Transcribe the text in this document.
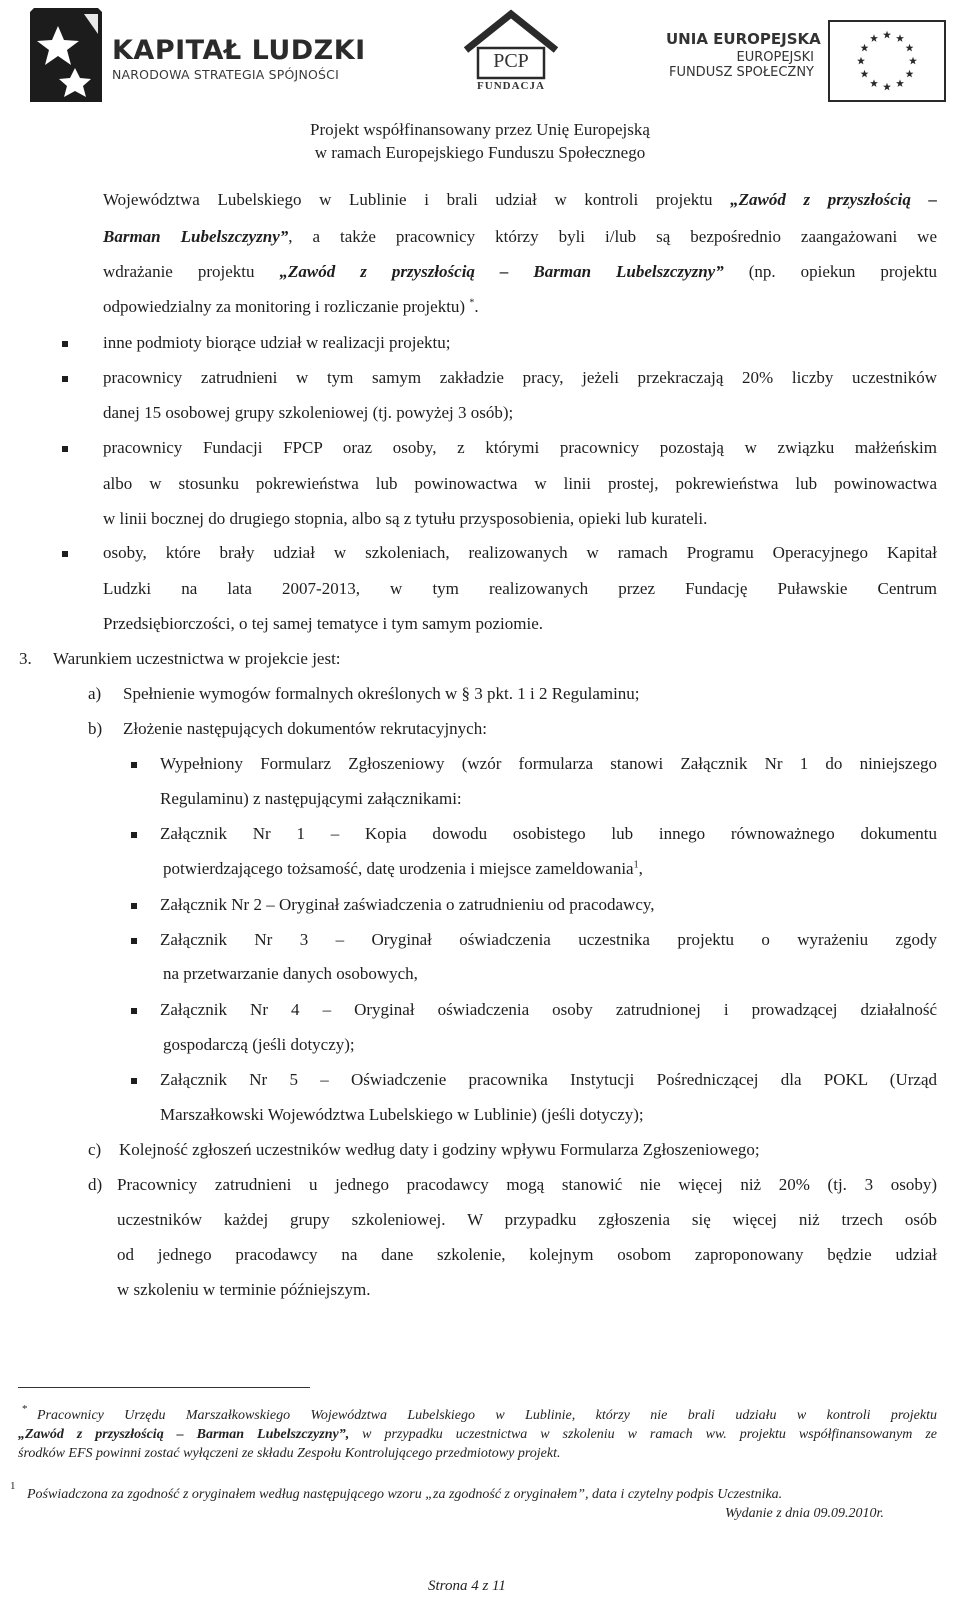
KAPITAŁ LUDZKI
NARODOWA STRATEGIA SPÓJNOŚCI
PCP
FUNDACJA
UNIA EUROPEJSKA
EUROPEJSKI
FUNDUSZ SPOŁECZNY
Projekt współfinansowany przez Unię Europejską
w ramach Europejskiego Funduszu Społecznego
Województwa Lubelskiego w Lublinie i brali udział w kontroli projektu „Zawód z przyszłością –
Barman Lubelszczyzny”, a także pracownicy którzy byli i/lub są bezpośrednio zaangażowani we
wdrażanie projektu „Zawód z przyszłością – Barman Lubelszczyzny” (np. opiekun projektu
odpowiedzialny za monitoring i rozliczanie projektu) *.
inne podmioty biorące udział w realizacji projektu;
pracownicy zatrudnieni w tym samym zakładzie pracy, jeżeli przekraczają 20% liczby uczestników
danej 15 osobowej grupy szkoleniowej (tj. powyżej 3 osób);
pracownicy Fundacji FPCP oraz osoby, z którymi pracownicy pozostają w związku małżeńskim
albo w stosunku pokrewieństwa lub powinowactwa w linii prostej, pokrewieństwa lub powinowactwa
w linii bocznej do drugiego stopnia, albo są z tytułu przysposobienia, opieki lub kurateli.
osoby, które brały udział w szkoleniach, realizowanych w ramach Programu Operacyjnego Kapitał
Ludzki na lata 2007-2013, w tym realizowanych przez Fundację Puławskie Centrum
Przedsiębiorczości, o tej samej tematyce i tym samym poziomie.
3. Warunkiem uczestnictwa w projekcie jest:
a) Spełnienie wymogów formalnych określonych w § 3 pkt. 1 i 2 Regulaminu;
b) Złożenie następujących dokumentów rekrutacyjnych:
Wypełniony Formularz Zgłoszeniowy (wzór formularza stanowi Załącznik Nr 1 do niniejszego
Regulaminu) z następującymi załącznikami:
Załącznik Nr 1 – Kopia dowodu osobistego lub innego równoważnego dokumentu
potwierdzającego tożsamość, datę urodzenia i miejsce zameldowania$^1$,
Załącznik Nr 2 – Oryginał zaświadczenia o zatrudnieniu od pracodawcy,
Załącznik Nr 3 – Oryginał oświadczenia uczestnika projektu o wyrażeniu zgody
na przetwarzanie danych osobowych,
Załącznik Nr 4 – Oryginał oświadczenia osoby zatrudnionej i prowadzącej działalność
gospodarczą (jeśli dotyczy);
Załącznik Nr 5 – Oświadczenie pracownika Instytucji Pośredniczącej dla POKL (Urząd
Marszałkowski Województwa Lubelskiego w Lublinie) (jeśli dotyczy);
c) Kolejność zgłoszeń uczestników według daty i godziny wpływu Formularza Zgłoszeniowego;
d) Pracownicy zatrudnieni u jednego pracodawcy mogą stanowić nie więcej niż 20% (tj. 3 osoby)
uczestników każdej grupy szkoleniowej. W przypadku zgłoszenia się więcej niż trzech osób
od jednego pracodawcy na dane szkolenie, kolejnym osobom zaproponowany będzie udział
w szkoleniu w terminie późniejszym.
* Pracownicy Urzędu Marszałkowskiego Województwa Lubelskiego w Lublinie, którzy nie brali udziału w kontroli projektu
„Zawód z przyszłością – Barman Lubelszczyzny”, w przypadku uczestnictwa w szkoleniu w ramach ww. projektu współfinansowanym ze
środków EFS powinni zostać wyłączeni ze składu Zespołu Kontrolującego przedmiotowy projekt.
1
Poświadczona za zgodność z oryginałem według następującego wzoru „za zgodność z oryginałem”, data i czytelny podpis Uczestnika.
Wydanie z dnia 09.09.2010r.
Strona 4 z 11
